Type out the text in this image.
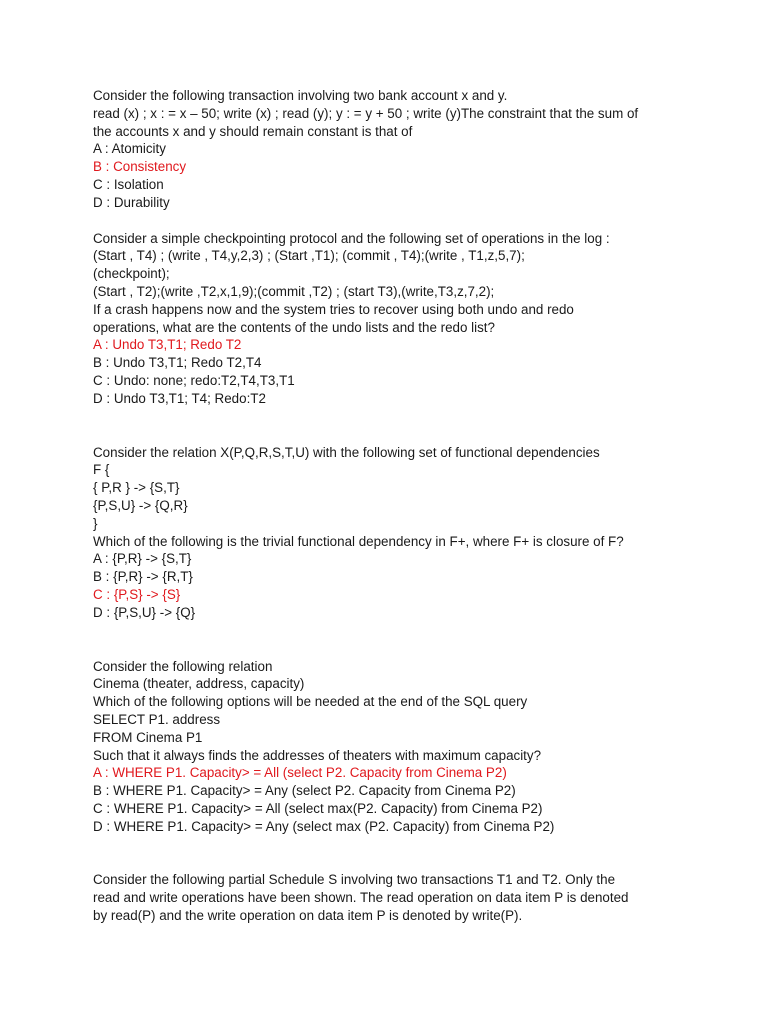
Consider the following transaction involving two bank account x and y.
read (x) ; x : = x – 50; write (x) ; read (y); y : = y + 50 ; write (y)The constraint that the sum of
the accounts x and y should remain constant is that of
A : Atomicity
B : Consistency
C : Isolation
D : Durability
Consider a simple checkpointing protocol and the following set of operations in the log :
(Start , T4) ; (write , T4,y,2,3) ; (Start ,T1); (commit , T4);(write , T1,z,5,7);
(checkpoint);
(Start , T2);(write ,T2,x,1,9);(commit ,T2) ; (start T3),(write,T3,z,7,2);
If a crash happens now and the system tries to recover using both undo and redo
operations, what are the contents of the undo lists and the redo list?
A : Undo T3,T1; Redo T2
B : Undo T3,T1; Redo T2,T4
C : Undo: none; redo:T2,T4,T3,T1
D : Undo T3,T1; T4; Redo:T2
Consider the relation X(P,Q,R,S,T,U) with the following set of functional dependencies
F {
{ P,R } -> {S,T}
{P,S,U} -> {Q,R}
}
Which of the following is the trivial functional dependency in F+, where F+ is closure of F?
A : {P,R} -> {S,T}
B : {P,R} -> {R,T}
C : {P,S} -> {S}
D : {P,S,U} -> {Q}
Consider the following relation
Cinema (theater, address, capacity)
Which of the following options will be needed at the end of the SQL query
SELECT P1. address
FROM Cinema P1
Such that it always finds the addresses of theaters with maximum capacity?
A : WHERE P1. Capacity> = All (select P2. Capacity from Cinema P2)
B : WHERE P1. Capacity> = Any (select P2. Capacity from Cinema P2)
C : WHERE P1. Capacity> = All (select max(P2. Capacity) from Cinema P2)
D : WHERE P1. Capacity> = Any (select max (P2. Capacity) from Cinema P2)
Consider the following partial Schedule S involving two transactions T1 and T2. Only the
read and write operations have been shown. The read operation on data item P is denoted
by read(P) and the write operation on data item P is denoted by write(P).
